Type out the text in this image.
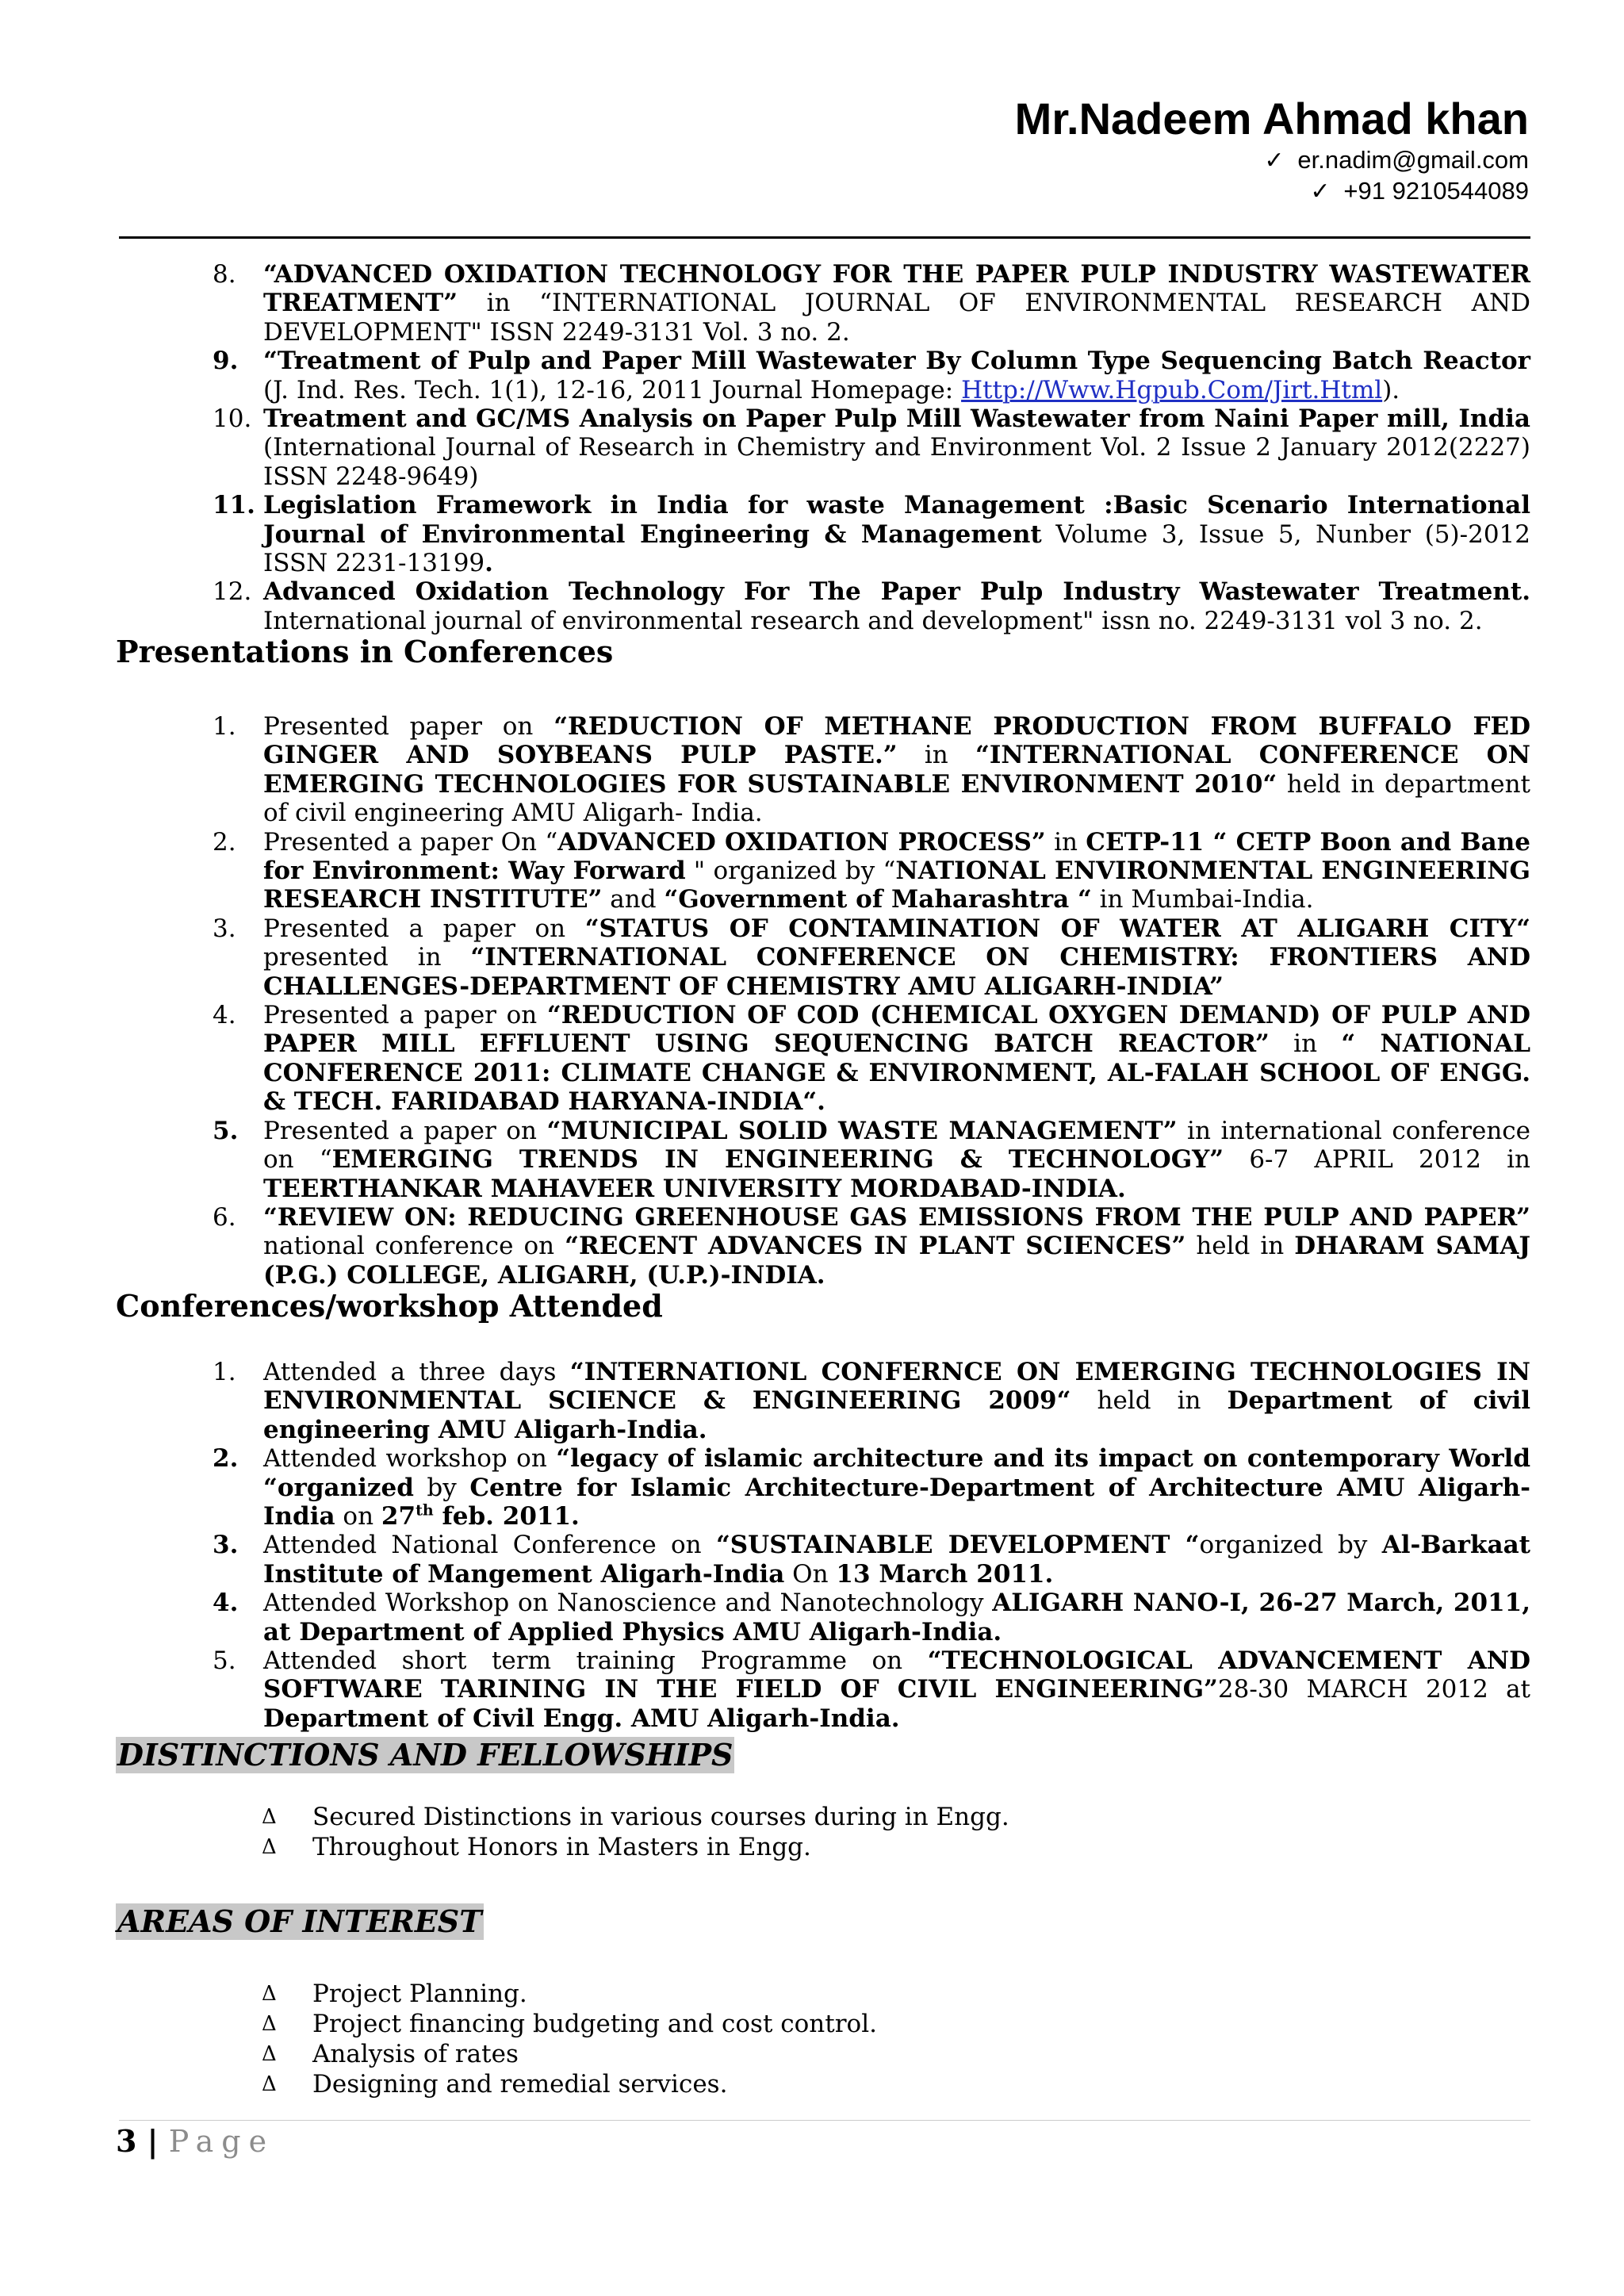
Mr.Nadeem Ahmad khan
✓ er.nadim@gmail.com
✓ +91 9210544089
8.	“ADVANCED OXIDATION TECHNOLOGY FOR THE PAPER PULP INDUSTRY WASTEWATER TREATMENT” in “INTERNATIONAL JOURNAL OF ENVIRONMENTAL RESEARCH AND DEVELOPMENT" ISSN 2249-3131 Vol. 3 no. 2.
9.	“Treatment of Pulp and Paper Mill Wastewater By Column Type Sequencing Batch Reactor (J. Ind. Res. Tech. 1(1), 12-16, 2011 Journal Homepage: Http://Www.Hgpub.Com/Jirt.Html).
10. Treatment and GC/MS Analysis on Paper Pulp Mill Wastewater from Naini Paper mill, India (International Journal of Research in Chemistry and Environment Vol. 2 Issue 2 January 2012(2227) ISSN 2248-9649)
11. Legislation Framework in India for waste Management :Basic Scenario International Journal of Environmental Engineering & Management Volume 3, Issue 5, Nunber (5)-2012 ISSN 2231-13199.
12. Advanced Oxidation Technology For The Paper Pulp Industry Wastewater Treatment. International journal of environmental research and development" issn no. 2249-3131 vol 3 no. 2.
Presentations in Conferences
1.	Presented paper on “REDUCTION OF METHANE PRODUCTION FROM BUFFALO FED GINGER AND SOYBEANS PULP PASTE.” in “INTERNATIONAL CONFERENCE ON EMERGING TECHNOLOGIES FOR SUSTAINABLE ENVIRONMENT 2010“ held in department of civil engineering AMU Aligarh- India.
2.	Presented a paper On “ADVANCED OXIDATION PROCESS” in CETP-11 “ CETP Boon and Bane for Environment: Way Forward " organized by “NATIONAL ENVIRONMENTAL ENGINEERING RESEARCH INSTITUTE” and “Government of Maharashtra “ in Mumbai-India.
3.	Presented a paper on “STATUS OF CONTAMINATION OF WATER AT ALIGARH CITY“ presented in “INTERNATIONAL CONFERENCE ON CHEMISTRY: FRONTIERS AND CHALLENGES-DEPARTMENT OF CHEMISTRY AMU ALIGARH-INDIA”
4.	Presented a paper on “REDUCTION OF COD (CHEMICAL OXYGEN DEMAND) OF PULP AND PAPER MILL EFFLUENT USING SEQUENCING BATCH REACTOR” in “ NATIONAL CONFERENCE 2011: CLIMATE CHANGE & ENVIRONMENT, AL-FALAH SCHOOL OF ENGG. & TECH. FARIDABAD HARYANA-INDIA“.
5.	Presented a paper on “MUNICIPAL SOLID WASTE MANAGEMENT” in international conference on “EMERGING TRENDS IN ENGINEERING & TECHNOLOGY” 6-7 APRIL 2012 in TEERTHANKAR MAHAVEER UNIVERSITY MORDABAD-INDIA.
6.	“REVIEW ON: REDUCING GREENHOUSE GAS EMISSIONS FROM THE PULP AND PAPER” national conference on “RECENT ADVANCES IN PLANT SCIENCES” held in DHARAM SAMAJ (P.G.) COLLEGE, ALIGARH, (U.P.)-INDIA.
Conferences/workshop Attended
1.	Attended a three days “INTERNATIONL CONFERNCE ON EMERGING TECHNOLOGIES IN ENVIRONMENTAL SCIENCE & ENGINEERING 2009“ held in Department of civil engineering AMU Aligarh-India.
2.	Attended workshop on “legacy of islamic architecture and its impact on contemporary World “organized by Centre for Islamic Architecture-Department of Architecture AMU Aligarh-India on 27th feb. 2011.
3.	Attended National Conference on “SUSTAINABLE DEVELOPMENT “organized by Al-Barkaat Institute of Mangement Aligarh-India On 13 March 2011.
4.	Attended Workshop on Nanoscience and Nanotechnology ALIGARH NANO-I, 26-27 March, 2011, at Department of Applied Physics AMU Aligarh-India.
5.	Attended short term training Programme on “TECHNOLOGICAL ADVANCEMENT AND SOFTWARE TARINING IN THE FIELD OF CIVIL ENGINEERING”28-30 MARCH 2012 at Department of Civil Engg. AMU Aligarh-India.
DISTINCTIONS AND FELLOWSHIPS
Δ Secured Distinctions in various courses during in Engg.
Δ Throughout Honors in Masters in Engg.
AREAS OF INTEREST
Δ Project Planning.
Δ Project financing budgeting and cost control.
Δ Analysis of rates
Δ Designing and remedial services.
3 | Page
